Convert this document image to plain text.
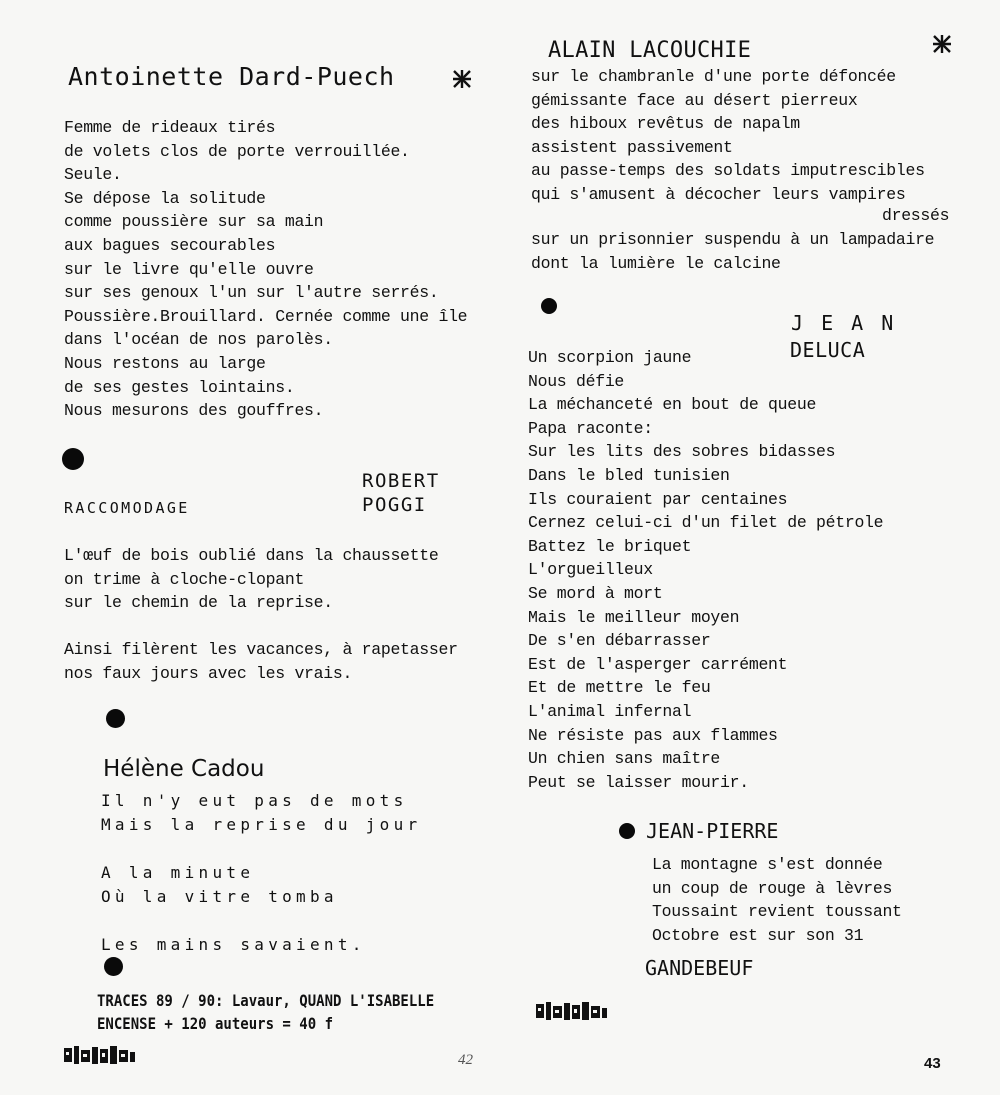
Antoinette Dard-Puech
Femme de rideaux tirés
de volets clos de porte verrouillée.
Seule.
Se dépose la solitude
comme poussière sur sa main
aux bagues secourables
sur le livre qu'elle ouvre
sur ses genoux l'un sur l'autre serrés.
Poussière.Brouillard. Cernée comme une île
dans l'océan de nos parolès.
Nous restons au large
de ses gestes lointains.
Nous mesurons des gouffres.
RACCOMODAGE
ROBERT
POGGI
L'œuf de bois oublié dans la chaussette
on trime à cloche-clopant
sur le chemin de la reprise.

Ainsi filèrent les vacances, à rapetasser
nos faux jours avec les vrais.
Hélène Cadou
Il n'y eut pas de mots
Mais la reprise du jour

A la minute
Où la vitre tomba

Les mains savaient.
TRACES 89 / 90: Lavaur, QUAND L'ISABELLE
ENCENSE + 120 auteurs = 40 f
42
ALAIN LACOUCHIE
sur le chambranle d'une porte défoncée
gémissante face au désert pierreux
des hiboux revêtus de napalm
assistent passivement
au passe-temps des soldats imputrescibles
qui s'amusent à décocher leurs vampires
dressés
sur un prisonnier suspendu à un lampadaire
dont la lumière le calcine
J E A N
DELUCA
Un scorpion jaune
Nous défie
La méchanceté en bout de queue
Papa raconte:
Sur les lits des sobres bidasses
Dans le bled tunisien
Ils couraient par centaines
Cernez celui-ci d'un filet de pétrole
Battez le briquet
L'orgueilleux
Se mord à mort
Mais le meilleur moyen
De s'en débarrasser
Est de l'asperger carrément
Et de mettre le feu
L'animal infernal
Ne résiste pas aux flammes
Un chien sans maître
Peut se laisser mourir.
JEAN-PIERRE
La montagne s'est donnée
un coup de rouge à lèvres
Toussaint revient toussant
Octobre est sur son 31
GANDEBEUF
43
